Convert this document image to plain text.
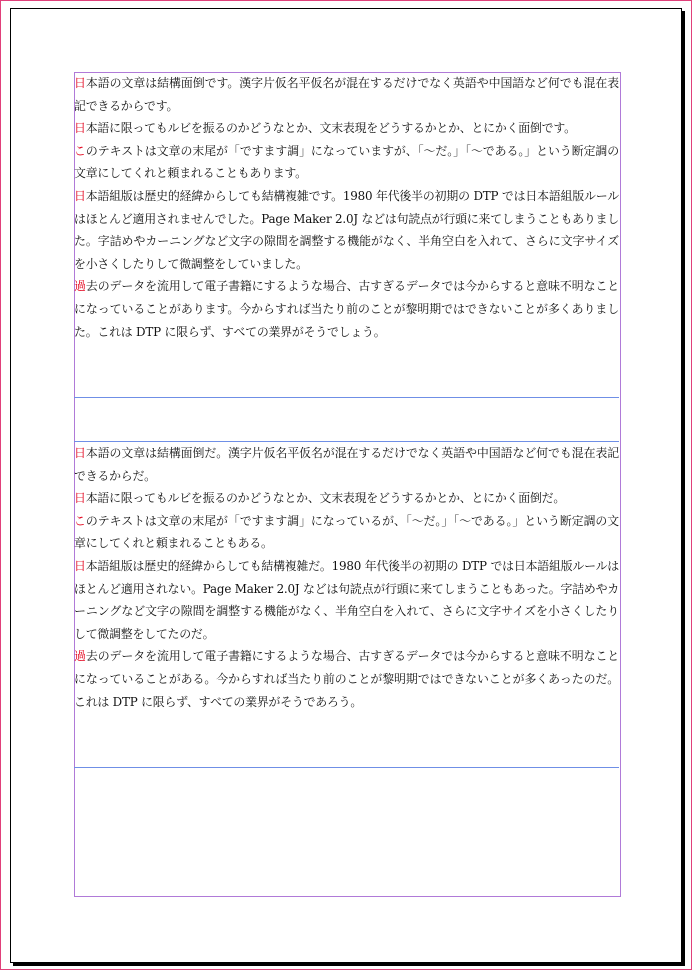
日本語の文章は結構面倒です。漢字片仮名平仮名が混在するだけでなく英語や中国語など何でも混在表記できるからです。

日本語に限ってもルビを振るのかどうなとか、文末表現をどうするかとか、とにかく面倒です。

このテキストは文章の末尾が「ですます調」になっていますが、「〜だ。」「〜である。」という断定調の文章にしてくれと頼まれることもあります。

日本語組版は歴史的経緯からしても結構複雑です。1980 年代後半の初期の DTP では日本語組版ルールはほとんど適用されませんでした。Page Maker 2.0J などは句読点が行頭に来てしまうこともありました。字詰めやカーニングなど文字の隙間を調整する機能がなく、半角空白を入れて、さらに文字サイズを小さくしたりして微調整をしていました。

過去のデータを流用して電子書籍にするような場合、古すぎるデータでは今からすると意味不明なことになっていることがあります。今からすれば当たり前のことが黎明期ではできないことが多くありました。これは DTP に限らず、すべての業界がそうでしょう。

日本語の文章は結構面倒だ。漢字片仮名平仮名が混在するだけでなく英語や中国語など何でも混在表記できるからだ。

日本語に限ってもルビを振るのかどうなとか、文末表現をどうするかとか、とにかく面倒だ。

このテキストは文章の末尾が「ですます調」になっているが、「〜だ。」「〜である。」という断定調の文章にしてくれと頼まれることもある。

日本語組版は歴史的経緯からしても結構複雑だ。1980 年代後半の初期の DTP では日本語組版ルールはほとんど適用されない。Page Maker 2.0J などは句読点が行頭に来てしまうこともあった。字詰めやカーニングなど文字の隙間を調整する機能がなく、半角空白を入れて、さらに文字サイズを小さくしたりして微調整をしてたのだ。

過去のデータを流用して電子書籍にするような場合、古すぎるデータでは今からすると意味不明なことになっていることがある。今からすれば当たり前のことが黎明期ではできないことが多くあったのだ。これは DTP に限らず、すべての業界がそうであろう。
